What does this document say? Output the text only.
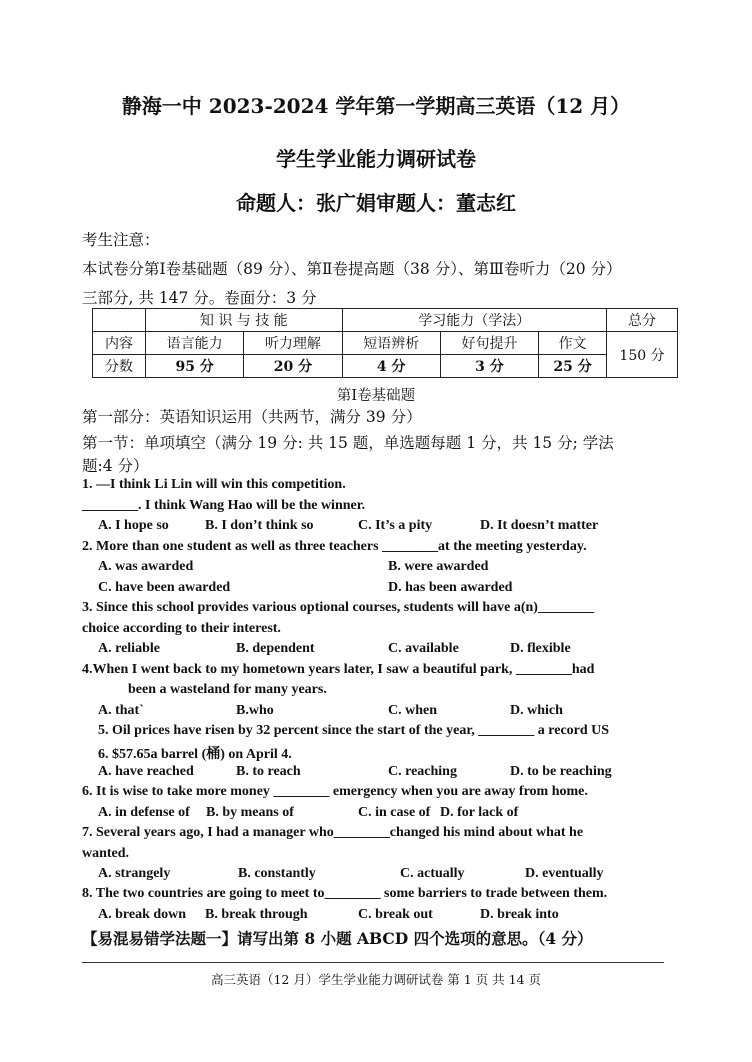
静海一中 2023-2024 学年第一学期高三英语（12 月）
学生学业能力调研试卷
命题人：张广娟审题人：董志红
考生注意：
本试卷分第Ⅰ卷基础题（89 分）、第Ⅱ卷提高题（38 分）、第Ⅲ卷听力（20 分）
三部分, 共 147 分。卷面分：3 分
	知 识 与 技 能		学习能力（学法）			总分
内容	语言能力	听力理解	短语辨析	好句提升	作文	150 分
分数	95 分	20 分	4 分	3 分	25 分	
第Ⅰ卷基础题
第一部分：英语知识运用（共两节，满分 39 分）
第一节：单项填空（满分 19 分: 共 15 题，单选题每题 1 分，共 15 分; 学法
题:4 分）
1. —I think Li Lin will win this competition.
________. I think Wang Hao will be the winner.
A. I hope so	B. I don’t think so	C. It’s a pity	D. It doesn’t matter
2. More than one student as well as three teachers ________at the meeting yesterday.
A. was awarded	B. were awarded
C. have been awarded	D. has been awarded
3. Since this school provides various optional courses, students will have a(n)________
choice according to their interest.
A. reliable	B. dependent	C. available	D. flexible
4.When I went back to my hometown years later, I saw a beautiful park, ________had
been a wasteland for many years.
A. that`	B.who	C. when	D. which
5. Oil prices have risen by 32 percent since the start of the year, ________ a record US
6. $57.65a barrel (桶) on April 4.
A. have reached	B. to reach	C. reaching	D. to be reaching
6. It is wise to take more money ________ emergency when you are away from home.
A. in defense of B. by means of	C. in case of D. for lack of
7. Several years ago, I had a manager who________changed his mind about what he
wanted.
A. strangely	B. constantly	C. actually	D. eventually
8. The two countries are going to meet to________ some barriers to trade between them.
A. break down B. break through	C. break out	D. break into
【易混易错学法题一】请写出第 8 小题 ABCD 四个选项的意思。（4 分）
高三英语（12 月）学生学业能力调研试卷 第 1 页 共 14 页
